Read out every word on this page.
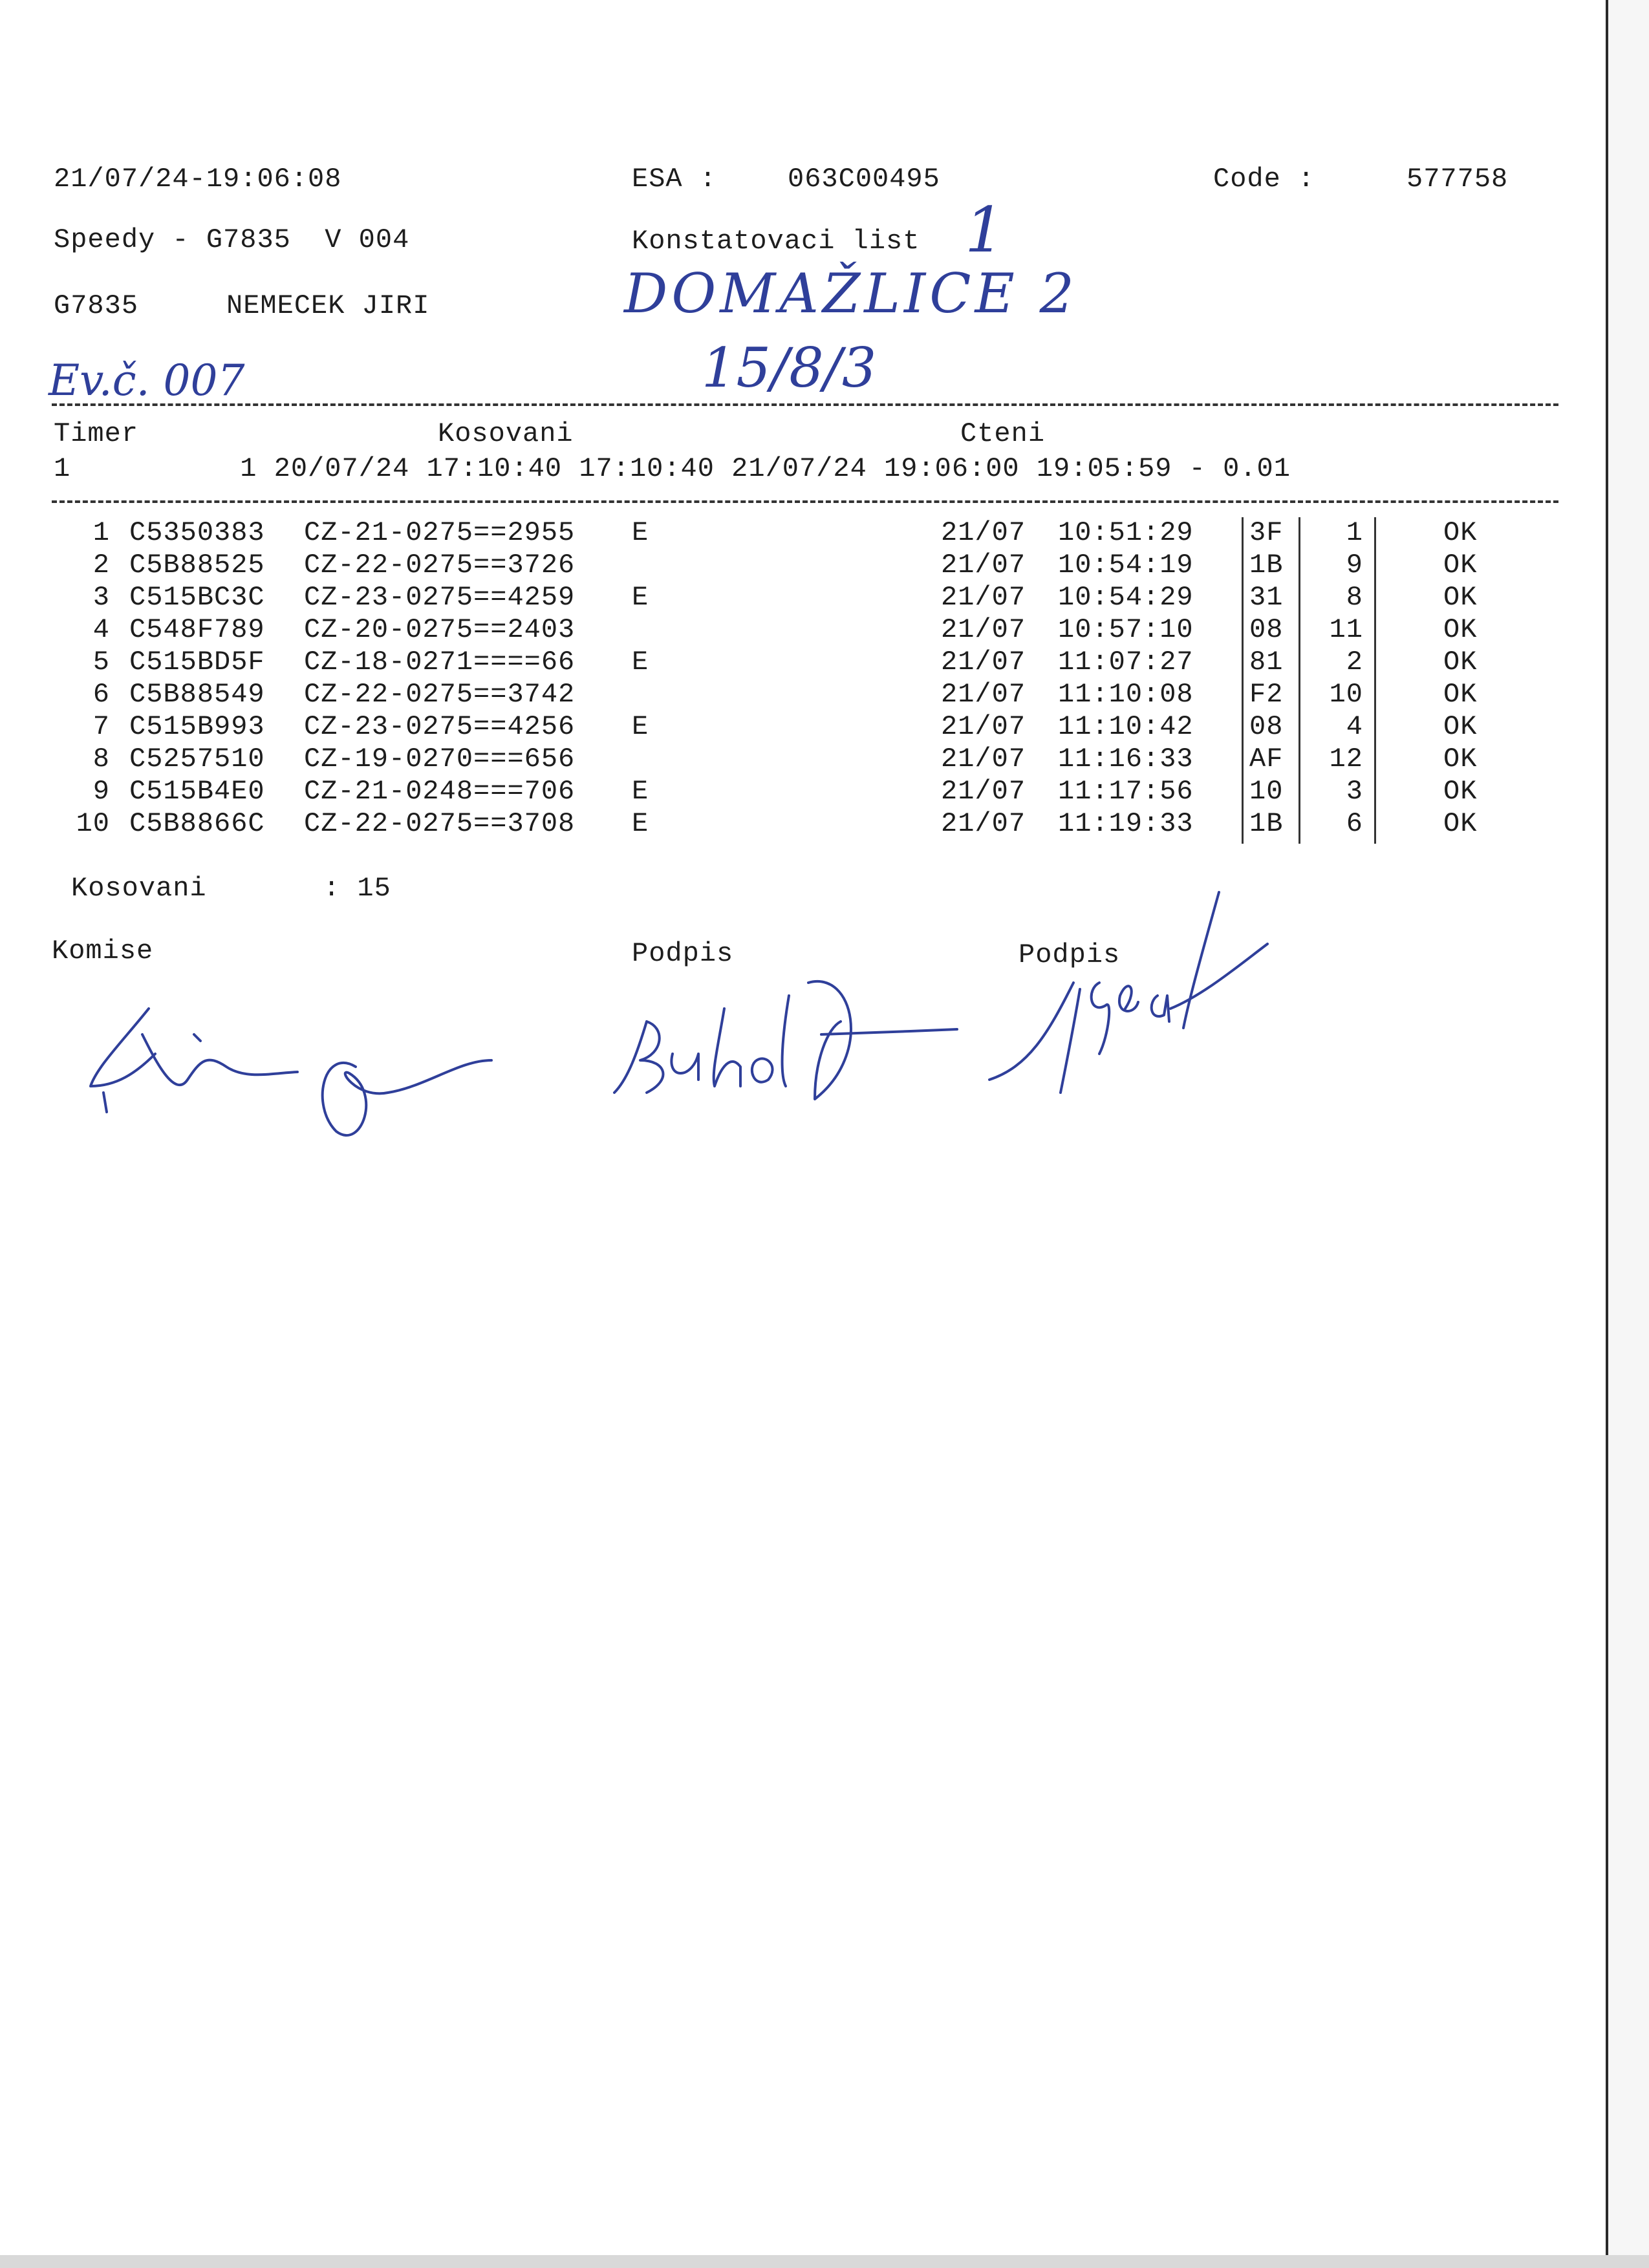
21/07/24-19:06:08	ESA :	063C00495	Code :	577758
Speedy - G7835  V 004	Konstatovaci list 1
G7835	NEMECEK JIRI	DOMAŽLICE 2
15/8/3
Ev.č. 007
Timer	Kosovani	Cteni
1          1 20/07/24 17:10:40 17:10:40 21/07/24 19:06:00 19:05:59 - 0.01
1 C5350383 CZ-21-0275==2955 E	21/07 10:51:29 3F	1	OK
2 C5B88525 CZ-22-0275==3726	21/07 10:54:19 1B	9	OK
3 C515BC3C CZ-23-0275==4259 E	21/07 10:54:29 31	8	OK
4 C548F789 CZ-20-0275==2403	21/07 10:57:10 08	11	OK
5 C515BD5F CZ-18-0271====66 E	21/07 11:07:27 81	2	OK
6 C5B88549 CZ-22-0275==3742	21/07 11:10:08 F2	10	OK
7 C515B993 CZ-23-0275==4256 E	21/07 11:10:42 08	4	OK
8 C5257510 CZ-19-0270===656	21/07 11:16:33 AF	12	OK
9 C515B4E0 CZ-21-0248===706 E	21/07 11:17:56 10	3	OK
10 C5B8866C CZ-22-0275==3708 E	21/07 11:19:33 1B	6	OK
Kosovani	: 15
Komise	Podpis	Podpis
